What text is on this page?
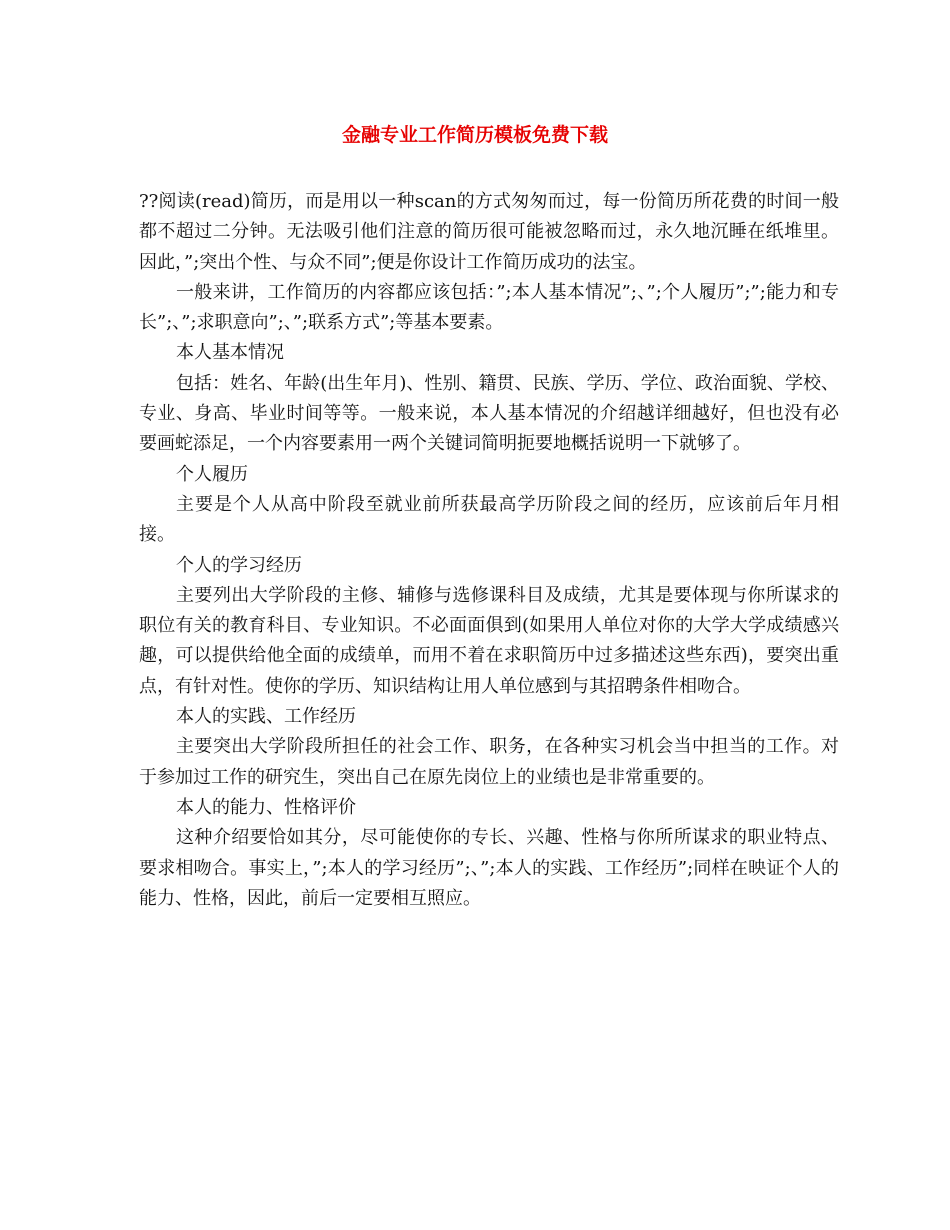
金融专业工作简历模板免费下载

??阅读(read)简历，而是用以一种scan的方式匆匆而过，每一份简历所花费的时间一般都不超过二分钟。无法吸引他们注意的简历很可能被忽略而过，永久地沉睡在纸堆里。因此，”;突出个性、与众不同”;便是你设计工作简历成功的法宝。

一般来讲，工作简历的内容都应该包括：”;本人基本情况”;、”;个人履历”;”;能力和专长”;、”;求职意向”;、”;联系方式”;等基本要素。

本人基本情况

包括：姓名、年龄(出生年月)、性别、籍贯、民族、学历、学位、政治面貌、学校、专业、身高、毕业时间等等。一般来说，本人基本情况的介绍越详细越好，但也没有必要画蛇添足，一个内容要素用一两个关键词简明扼要地概括说明一下就够了。

个人履历

主要是个人从高中阶段至就业前所获最高学历阶段之间的经历，应该前后年月相接。

个人的学习经历

主要列出大学阶段的主修、辅修与选修课科目及成绩，尤其是要体现与你所谋求的职位有关的教育科目、专业知识。不必面面俱到(如果用人单位对你的大学大学成绩感兴趣，可以提供给他全面的成绩单，而用不着在求职简历中过多描述这些东西)，要突出重点，有针对性。使你的学历、知识结构让用人单位感到与其招聘条件相吻合。

本人的实践、工作经历

主要突出大学阶段所担任的社会工作、职务，在各种实习机会当中担当的工作。对于参加过工作的研究生，突出自己在原先岗位上的业绩也是非常重要的。

本人的能力、性格评价

这种介绍要恰如其分，尽可能使你的专长、兴趣、性格与你所所谋求的职业特点、要求相吻合。事实上，”;本人的学习经历”;、”;本人的实践、工作经历”;同样在映证个人的能力、性格，因此，前后一定要相互照应。
